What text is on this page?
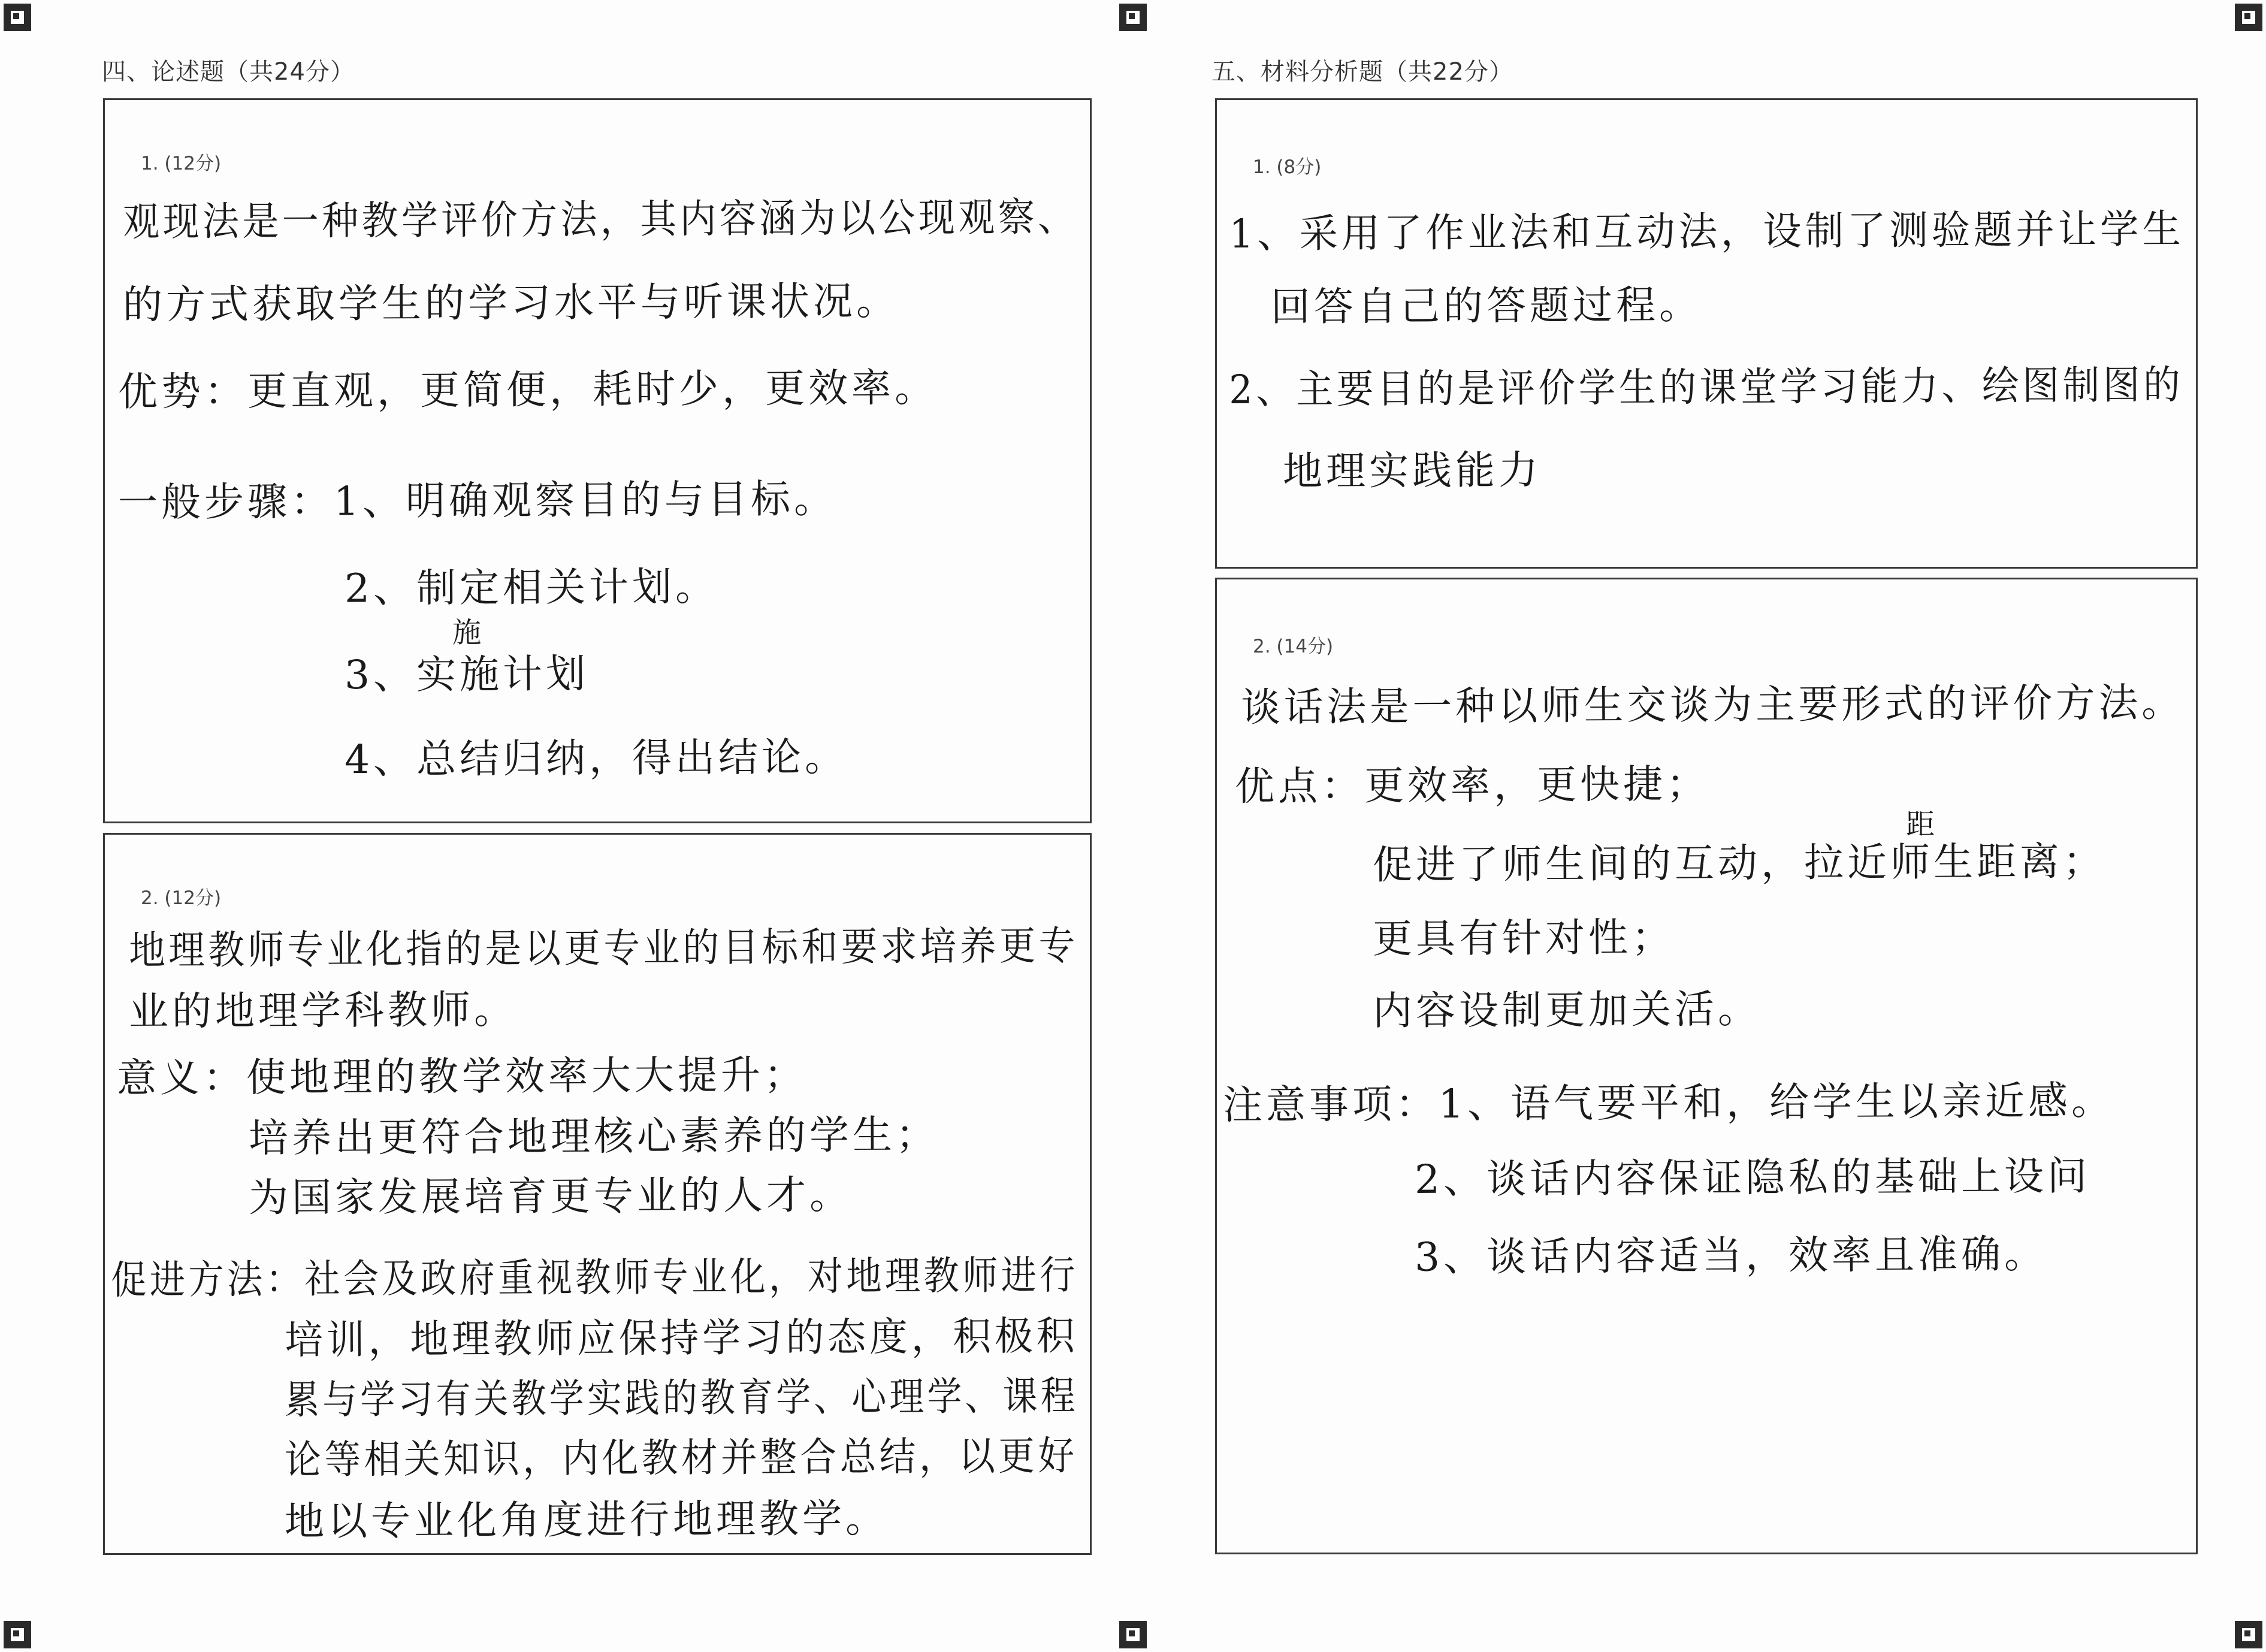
四、论述题（共24分）	五、材料分析题（共22分）
1. (12分)
观现法是一种教学评价方法，其内容涵为以公现观察、
的方式获取学生的学习水平与听课状况。
优势：更直观，更简便，耗时少，更效率。
一般步骤：1、明确观察目的与目标。
2、制定相关计划。
3、实施计划
施
4、总结归纳，得出结论。
2. (12分)
地理教师专业化指的是以更专业的目标和要求培养更专
业的地理学科教师。
意义：使地理的教学效率大大提升；
培养出更符合地理核心素养的学生；
为国家发展培育更专业的人才。
促进方法：社会及政府重视教师专业化，对地理教师进行
培训，地理教师应保持学习的态度，积极积
累与学习有关教学实践的教育学、心理学、课程
论等相关知识，内化教材并整合总结，以更好
地以专业化角度进行地理教学。
1. (8分)
1、采用了作业法和互动法，设制了测验题并让学生
回答自己的答题过程。
2、主要目的是评价学生的课堂学习能力、绘图制图的
地理实践能力
2. (14分)
谈话法是一种以师生交谈为主要形式的评价方法。
优点：更效率，更快捷；
促进了师生间的互动，拉近师生距离；
距
更具有针对性；
内容设制更加关活。
注意事项：1、语气要平和，给学生以亲近感。
2、谈话内容保证隐私的基础上设问
3、谈话内容适当，效率且准确。
